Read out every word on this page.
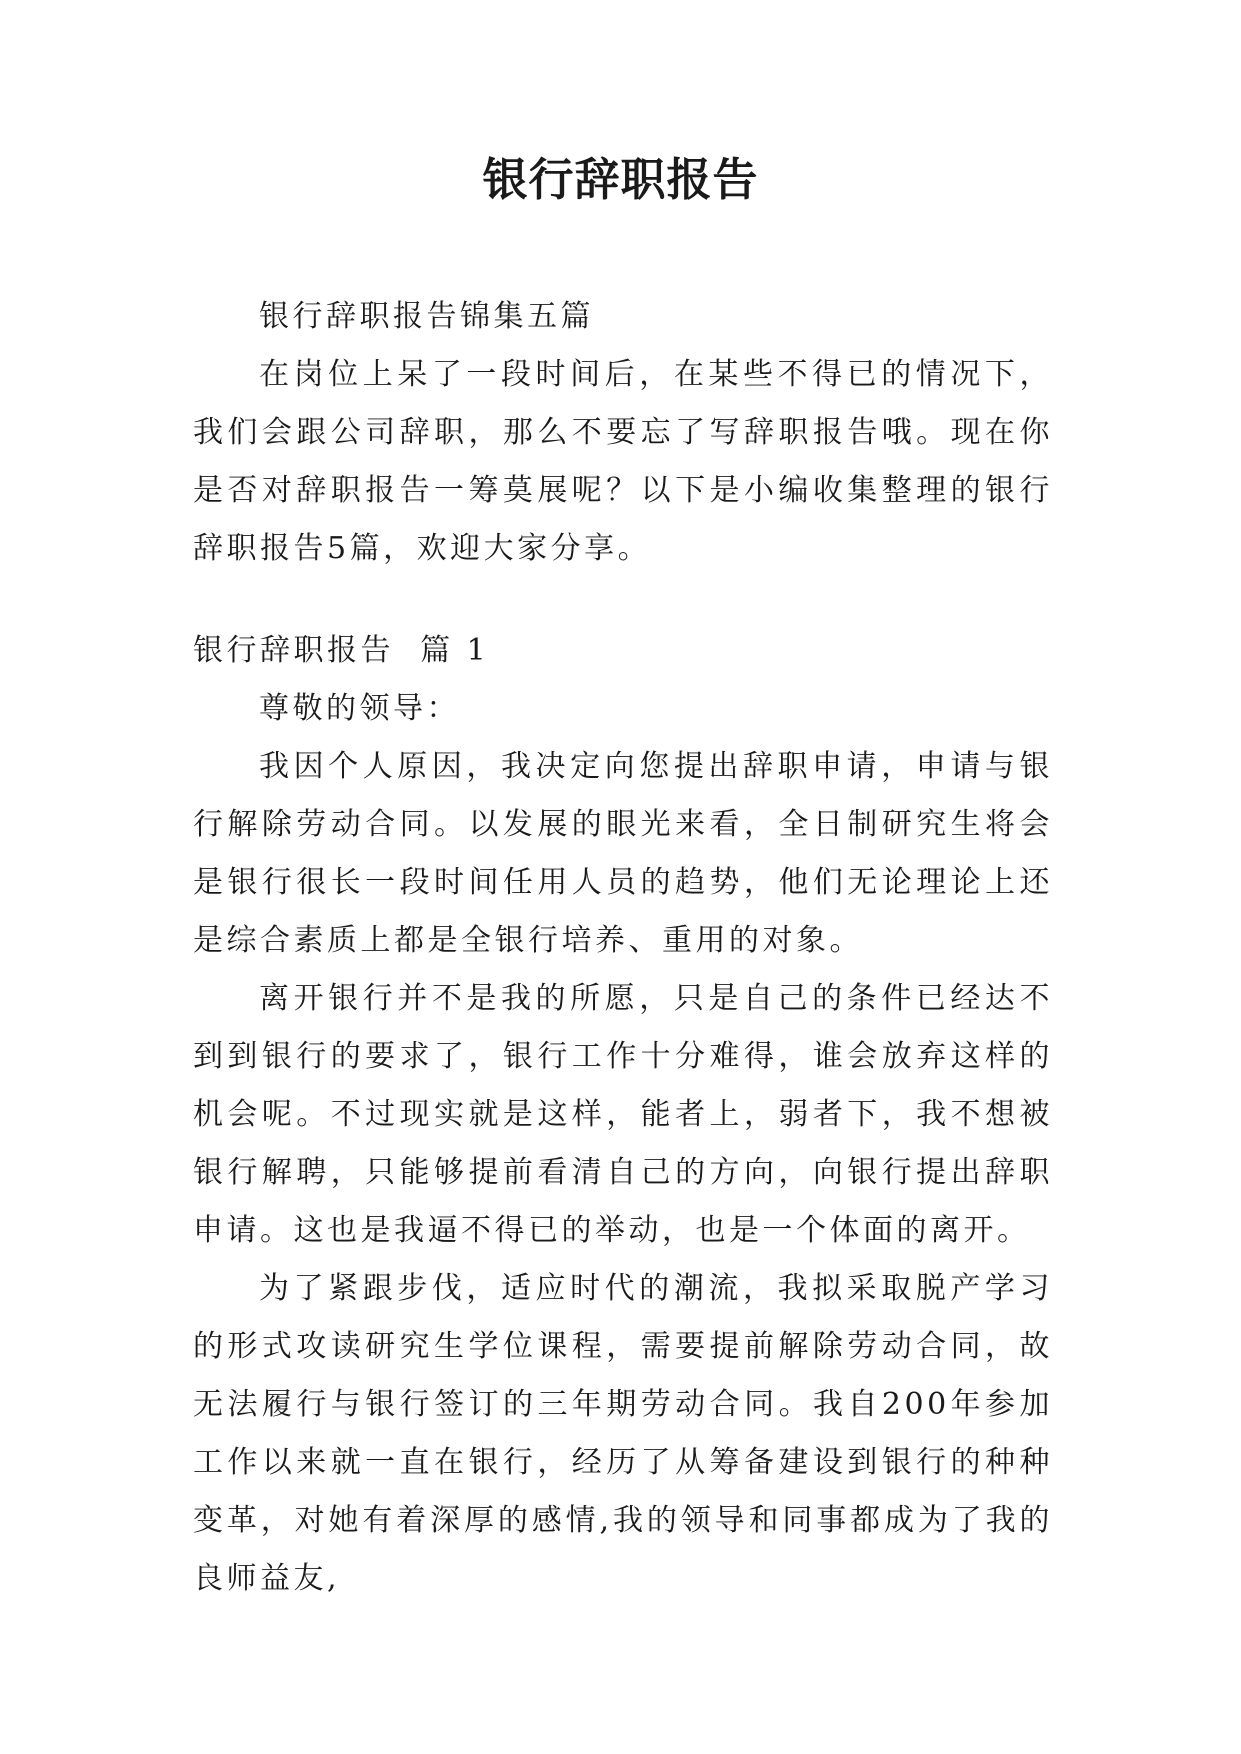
银行辞职报告

银行辞职报告锦集五篇

在岗位上呆了一段时间后，在某些不得已的情况下，我们会跟公司辞职，那么不要忘了写辞职报告哦。现在你是否对辞职报告一筹莫展呢？以下是小编收集整理的银行辞职报告5篇，欢迎大家分享。

银行辞职报告  篇 1

尊敬的领导：

我因个人原因，我决定向您提出辞职申请，申请与银行解除劳动合同。以发展的眼光来看，全日制研究生将会是银行很长一段时间任用人员的趋势，他们无论理论上还是综合素质上都是全银行培养、重用的对象。

离开银行并不是我的所愿，只是自己的条件已经达不到到银行的要求了，银行工作十分难得，谁会放弃这样的机会呢。不过现实就是这样，能者上，弱者下，我不想被银行解聘，只能够提前看清自己的方向，向银行提出辞职申请。这也是我逼不得已的举动，也是一个体面的离开。

为了紧跟步伐，适应时代的潮流，我拟采取脱产学习的形式攻读研究生学位课程，需要提前解除劳动合同，故无法履行与银行签订的三年期劳动合同。我自200年参加工作以来就一直在银行，经历了从筹备建设到银行的种种变革，对她有着深厚的感情,我的领导和同事都成为了我的良师益友,
